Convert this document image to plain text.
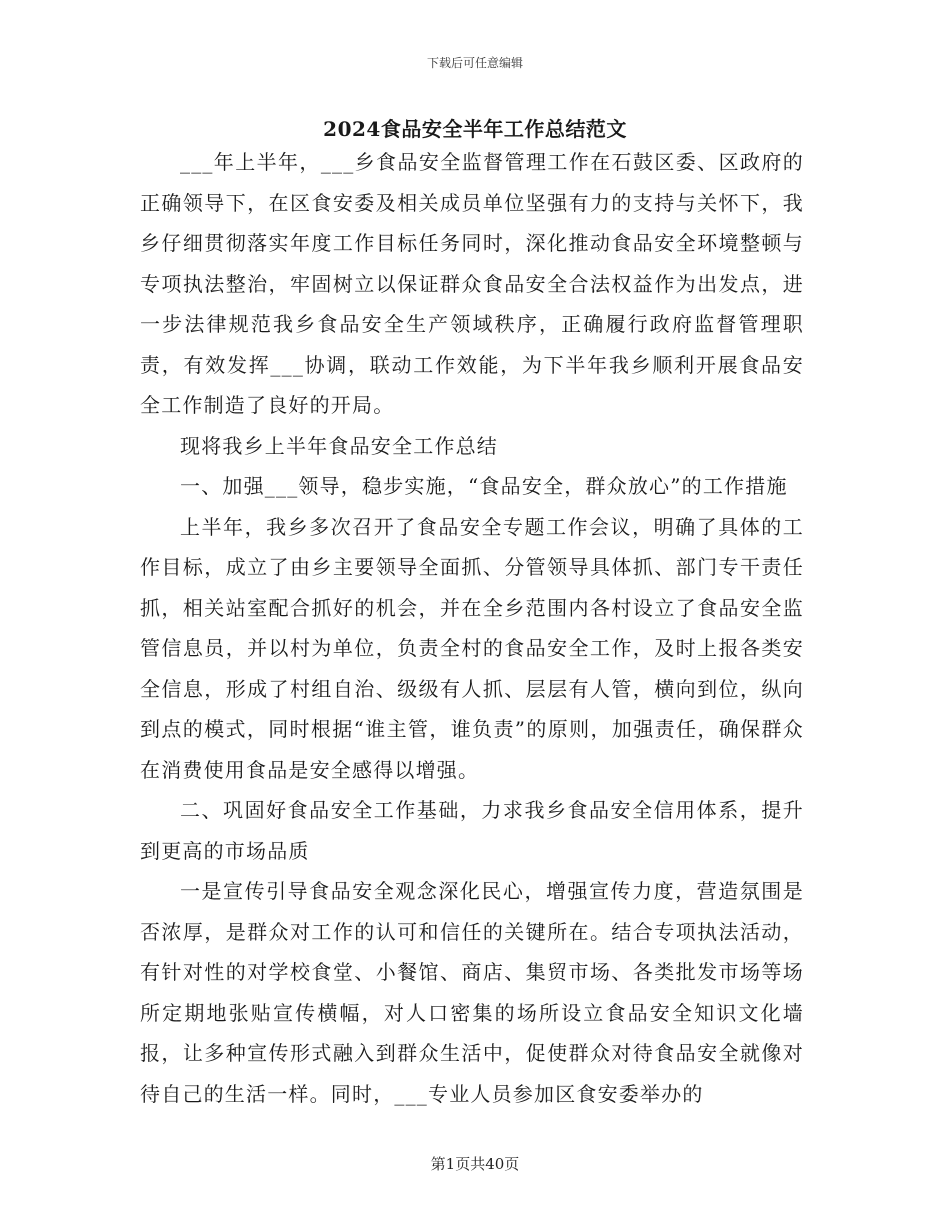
下载后可任意编辑
2024食品安全半年工作总结范文

___年上半年，___乡食品安全监督管理工作在石鼓区委、区政府的正确领导下，在区食安委及相关成员单位坚强有力的支持与关怀下，我乡仔细贯彻落实年度工作目标任务同时，深化推动食品安全环境整顿与专项执法整治，牢固树立以保证群众食品安全合法权益作为出发点，进一步法律规范我乡食品安全生产领域秩序，正确履行政府监督管理职责，有效发挥___协调，联动工作效能，为下半年我乡顺利开展食品安全工作制造了良好的开局。

现将我乡上半年食品安全工作总结

一、加强___领导，稳步实施，“食品安全，群众放心”的工作措施

上半年，我乡多次召开了食品安全专题工作会议，明确了具体的工作目标，成立了由乡主要领导全面抓、分管领导具体抓、部门专干责任抓，相关站室配合抓好的机会，并在全乡范围内各村设立了食品安全监管信息员，并以村为单位，负责全村的食品安全工作，及时上报各类安全信息，形成了村组自治、级级有人抓、层层有人管，横向到位，纵向到点的模式，同时根据“谁主管，谁负责”的原则，加强责任，确保群众在消费使用食品是安全感得以增强。

二、巩固好食品安全工作基础，力求我乡食品安全信用体系，提升到更高的市场品质

一是宣传引导食品安全观念深化民心，增强宣传力度，营造氛围是否浓厚，是群众对工作的认可和信任的关键所在。结合专项执法活动，有针对性的对学校食堂、小餐馆、商店、集贸市场、各类批发市场等场所定期地张贴宣传横幅，对人口密集的场所设立食品安全知识文化墙报，让多种宣传形式融入到群众生活中，促使群众对待食品安全就像对待自己的生活一样。同时，___专业人员参加区食安委举办的

第1页共40页
